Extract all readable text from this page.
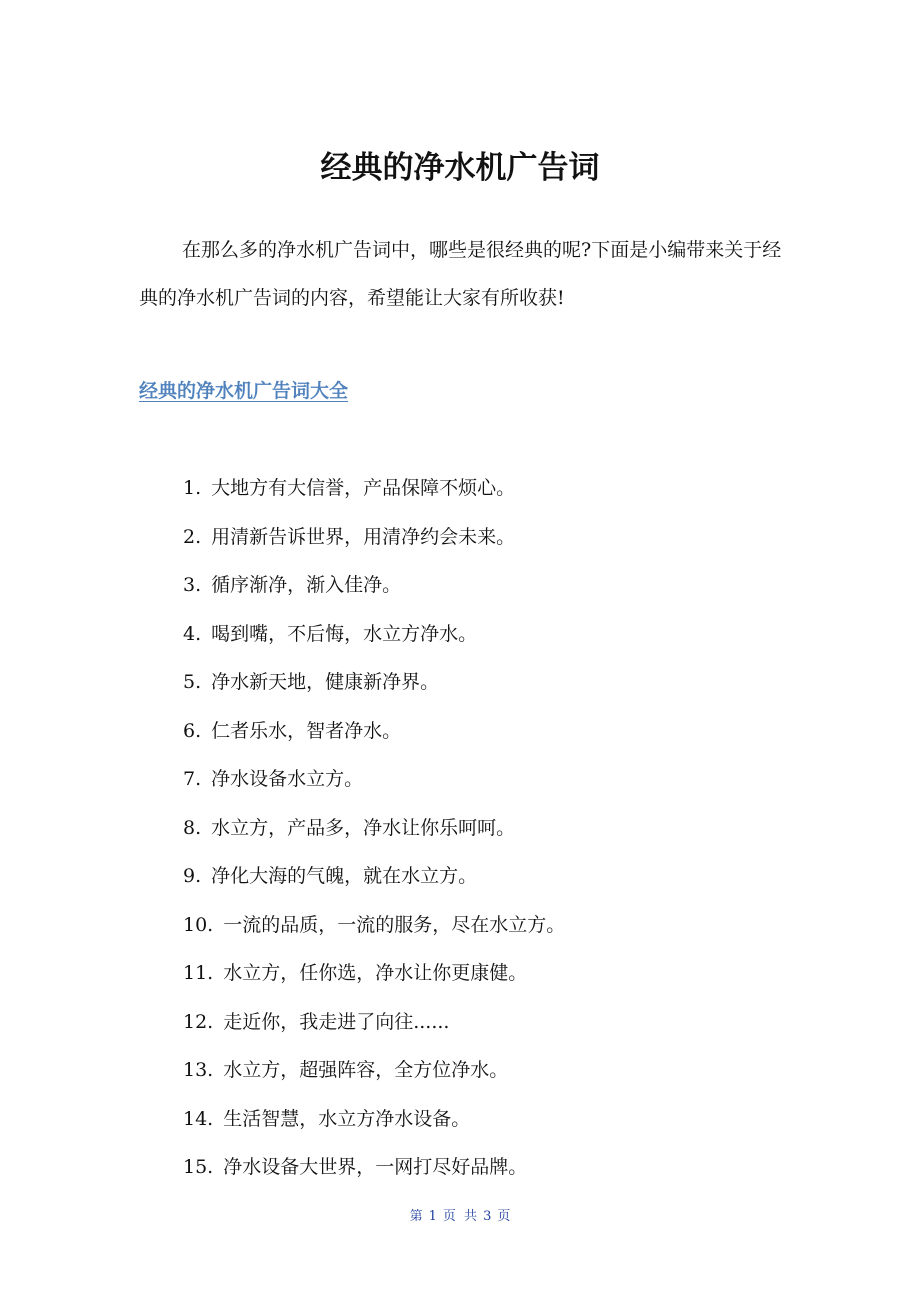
经典的净水机广告词

在那么多的净水机广告词中，哪些是很经典的呢?下面是小编带来关于经典的净水机广告词的内容，希望能让大家有所收获!

经典的净水机广告词大全
1. 大地方有大信誉，产品保障不烦心。
2. 用清新告诉世界，用清净约会未来。
3. 循序渐净，渐入佳净。
4. 喝到嘴，不后悔，水立方净水。
5. 净水新天地，健康新净界。
6. 仁者乐水，智者净水。
7. 净水设备水立方。
8. 水立方，产品多，净水让你乐呵呵。
9. 净化大海的气魄，就在水立方。
10. 一流的品质，一流的服务，尽在水立方。
11. 水立方，任你选，净水让你更康健。
12. 走近你，我走进了向往......
13. 水立方，超强阵容，全方位净水。
14. 生活智慧，水立方净水设备。
15. 净水设备大世界，一网打尽好品牌。
第 1 页 共 3 页
